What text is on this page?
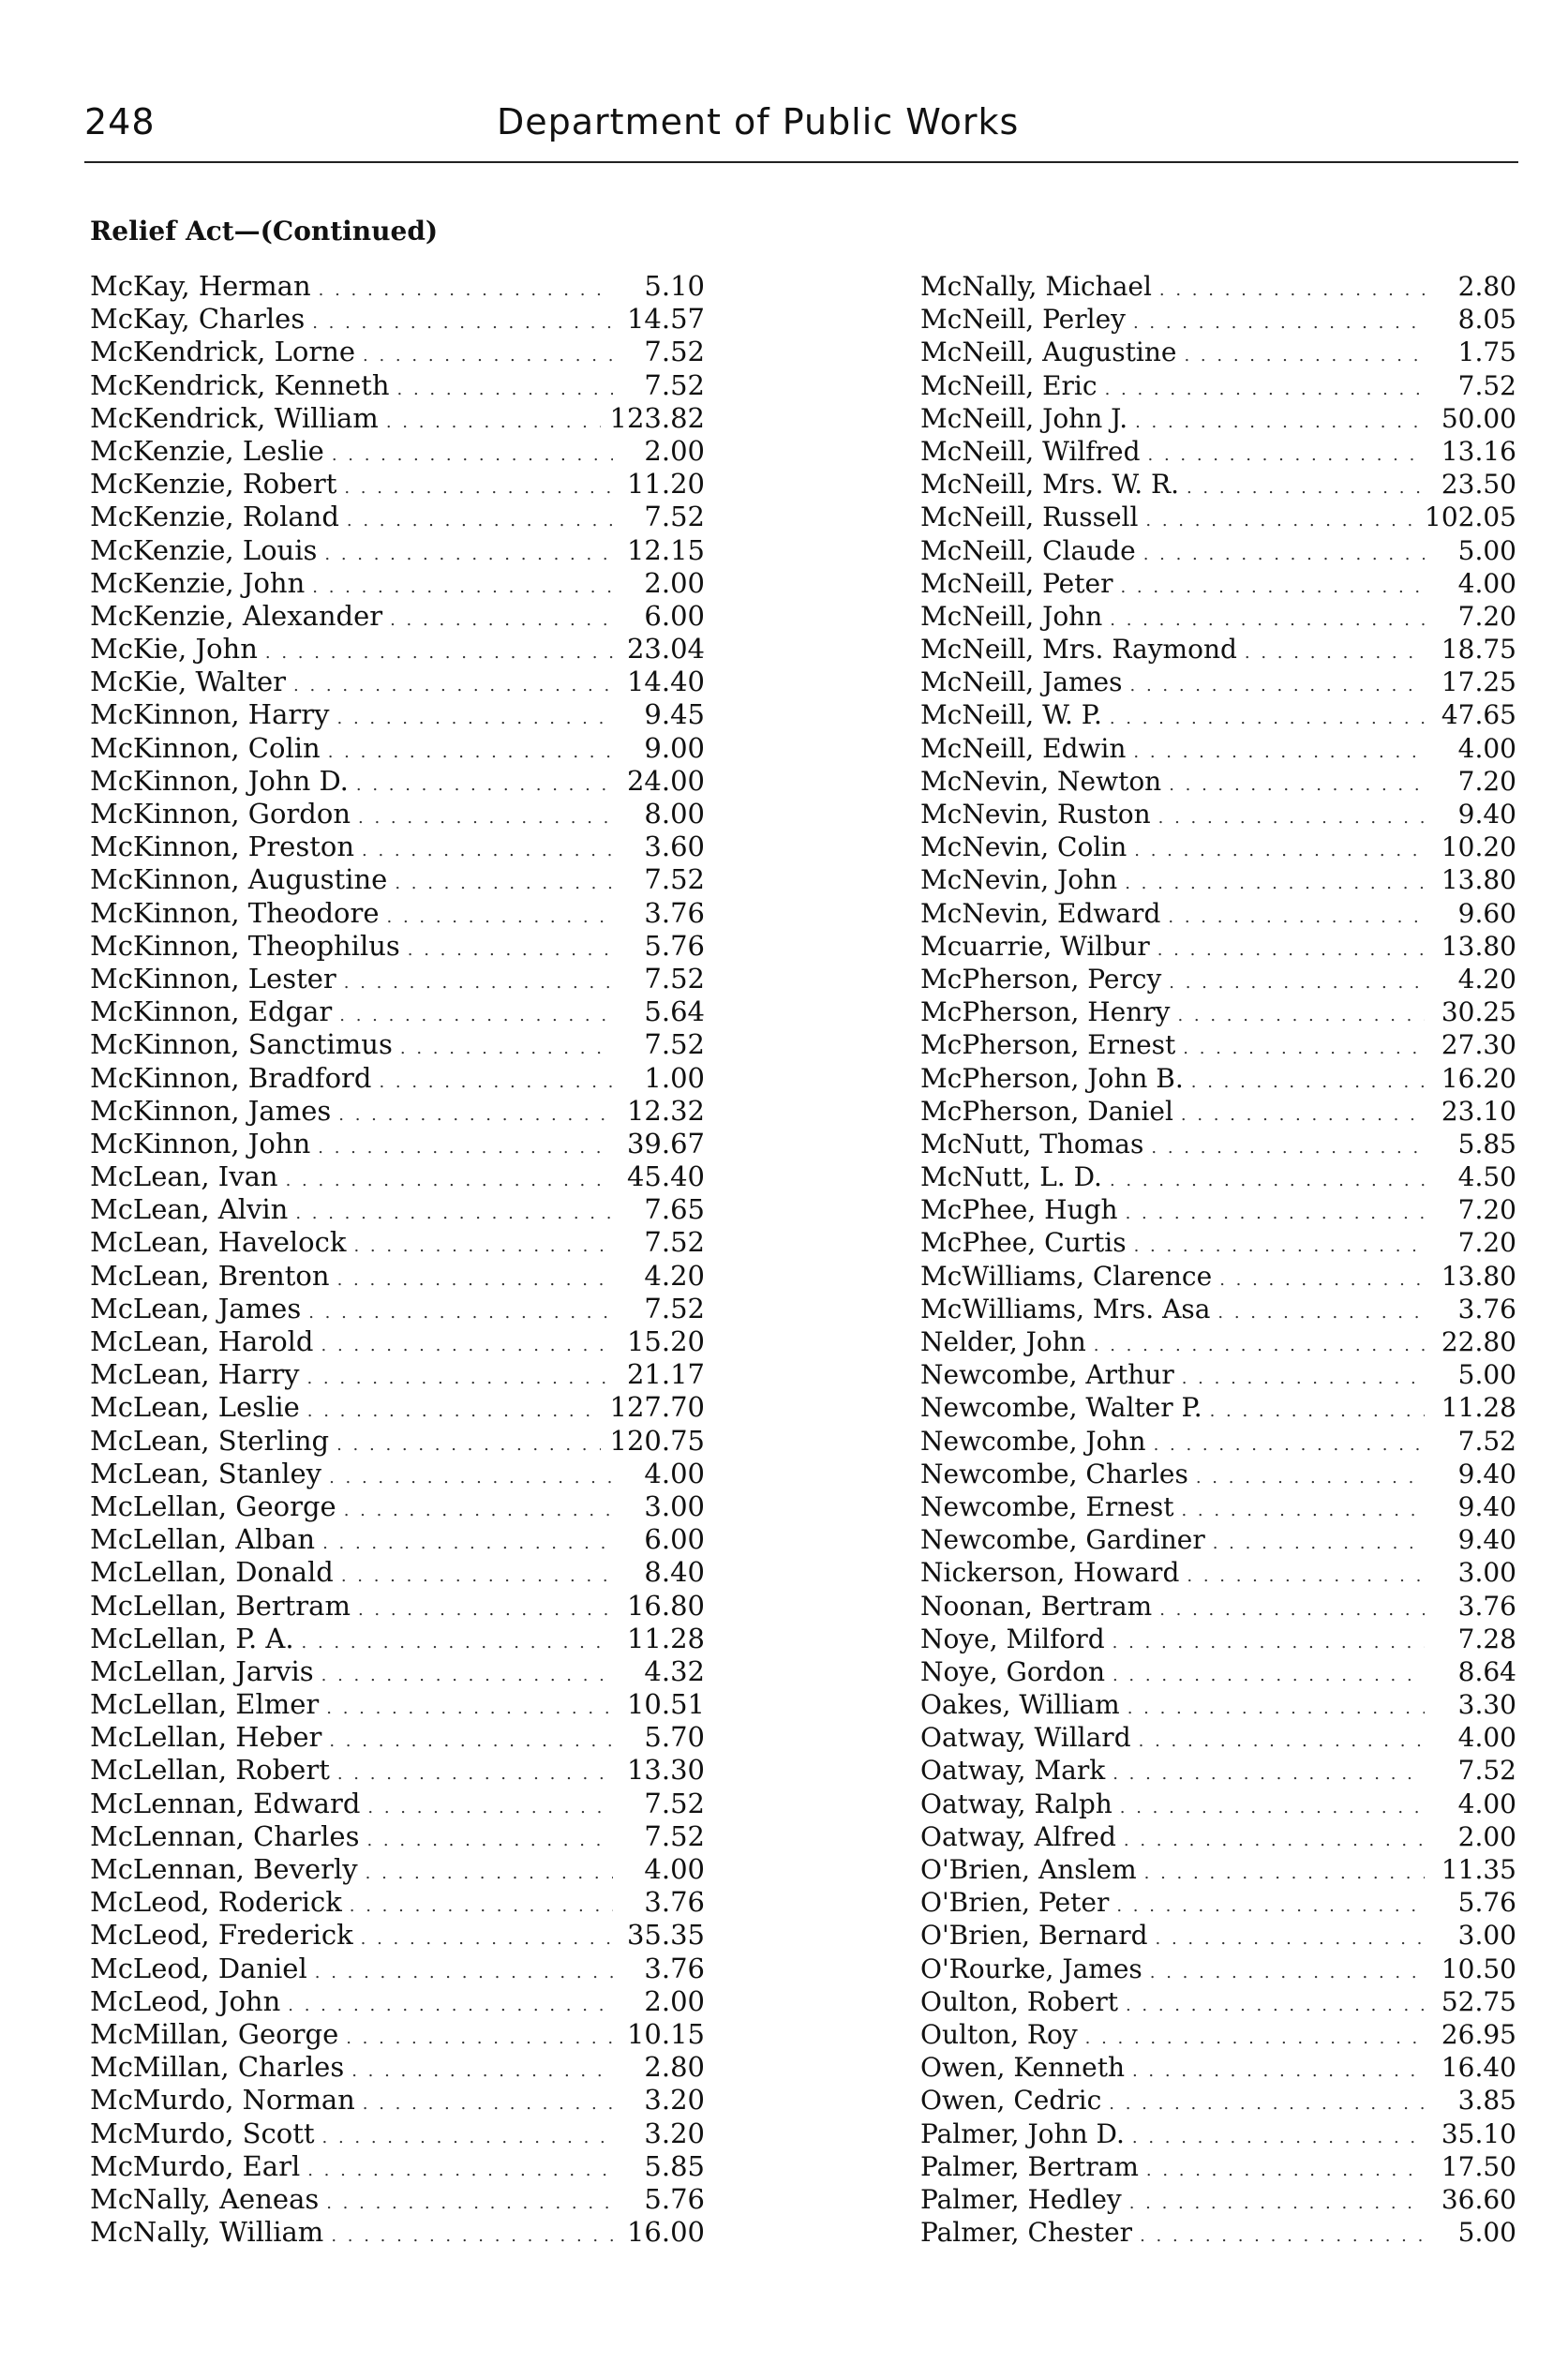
248	Department of Public Works
Relief Act—(Continued)
McKay, Herman . . .	5.10
McKay, Charles . . .	14.57
McKendrick, Lorne . . .	7.52
McKendrick, Kenneth . . .	7.52
McKendrick, William . . .	123.82
McKenzie, Leslie . . .	2.00
McKenzie, Robert . . .	11.20
McKenzie, Roland . . .	7.52
McKenzie, Louis . . .	12.15
McKenzie, John . . .	2.00
McKenzie, Alexander . . .	6.00
McKie, John . . .	23.04
McKie, Walter . . .	14.40
McKinnon, Harry . . .	9.45
McKinnon, Colin . . .	9.00
McKinnon, John D. . . .	24.00
McKinnon, Gordon . . .	8.00
McKinnon, Preston . . .	3.60
McKinnon, Augustine . . .	7.52
McKinnon, Theodore . . .	3.76
McKinnon, Theophilus . . .	5.76
McKinnon, Lester . . .	7.52
McKinnon, Edgar . . .	5.64
McKinnon, Sanctimus . . .	7.52
McKinnon, Bradford . . .	1.00
McKinnon, James . . .	12.32
McKinnon, John . . .	39.67
McLean, Ivan . . .	45.40
McLean, Alvin . . .	7.65
McLean, Havelock . . .	7.52
McLean, Brenton . . .	4.20
McLean, James . . .	7.52
McLean, Harold . . .	15.20
McLean, Harry . . .	21.17
McLean, Leslie . . .	127.70
McLean, Sterling . . .	120.75
McLean, Stanley . . .	4.00
McLellan, George . . .	3.00
McLellan, Alban . . .	6.00
McLellan, Donald . . .	8.40
McLellan, Bertram . . .	16.80
McLellan, P. A. . . .	11.28
McLellan, Jarvis . . .	4.32
McLellan, Elmer . . .	10.51
McLellan, Heber . . .	5.70
McLellan, Robert . . .	13.30
McLennan, Edward . . .	7.52
McLennan, Charles . . .	7.52
McLennan, Beverly . . .	4.00
McLeod, Roderick . . .	3.76
McLeod, Frederick . . .	35.35
McLeod, Daniel . . .	3.76
McLeod, John . . .	2.00
McMillan, George . . .	10.15
McMillan, Charles . . .	2.80
McMurdo, Norman . . .	3.20
McMurdo, Scott . . .	3.20
McMurdo, Earl . . .	5.85
McNally, Aeneas . . .	5.76
McNally, William . . .	16.00
McNally, Michael . . .	2.80
McNeill, Perley . . .	8.05
McNeill, Augustine . . .	1.75
McNeill, Eric . . .	7.52
McNeill, John J. . . .	50.00
McNeill, Wilfred . . .	13.16
McNeill, Mrs. W. R. . . .	23.50
McNeill, Russell . . .	102.05
McNeill, Claude . . .	5.00
McNeill, Peter . . .	4.00
McNeill, John . . .	7.20
McNeill, Mrs. Raymond . . .	18.75
McNeill, James . . .	17.25
McNeill, W. P. . . .	47.65
McNeill, Edwin . . .	4.00
McNevin, Newton . . .	7.20
McNevin, Ruston . . .	9.40
McNevin, Colin . . .	10.20
McNevin, John . . .	13.80
McNevin, Edward . . .	9.60
Mcuarrie, Wilbur . . .	13.80
McPherson, Percy . . .	4.20
McPherson, Henry . . .	30.25
McPherson, Ernest . . .	27.30
McPherson, John B. . . .	16.20
McPherson, Daniel . . .	23.10
McNutt, Thomas . . .	5.85
McNutt, L. D. . . .	4.50
McPhee, Hugh . . .	7.20
McPhee, Curtis . . .	7.20
McWilliams, Clarence . . .	13.80
McWilliams, Mrs. Asa . . .	3.76
Nelder, John . . .	22.80
Newcombe, Arthur . . .	5.00
Newcombe, Walter P. . . .	11.28
Newcombe, John . . .	7.52
Newcombe, Charles . . .	9.40
Newcombe, Ernest . . .	9.40
Newcombe, Gardiner . . .	9.40
Nickerson, Howard . . .	3.00
Noonan, Bertram . . .	3.76
Noye, Milford . . .	7.28
Noye, Gordon . . .	8.64
Oakes, William . . .	3.30
Oatway, Willard . . .	4.00
Oatway, Mark . . .	7.52
Oatway, Ralph . . .	4.00
Oatway, Alfred . . .	2.00
O'Brien, Anslem . . .	11.35
O'Brien, Peter . . .	5.76
O'Brien, Bernard . . .	3.00
O'Rourke, James . . .	10.50
Oulton, Robert . . .	52.75
Oulton, Roy . . .	26.95
Owen, Kenneth . . .	16.40
Owen, Cedric . . .	3.85
Palmer, John D. . . .	35.10
Palmer, Bertram . . .	17.50
Palmer, Hedley . . .	36.60
Palmer, Chester . . .	5.00
